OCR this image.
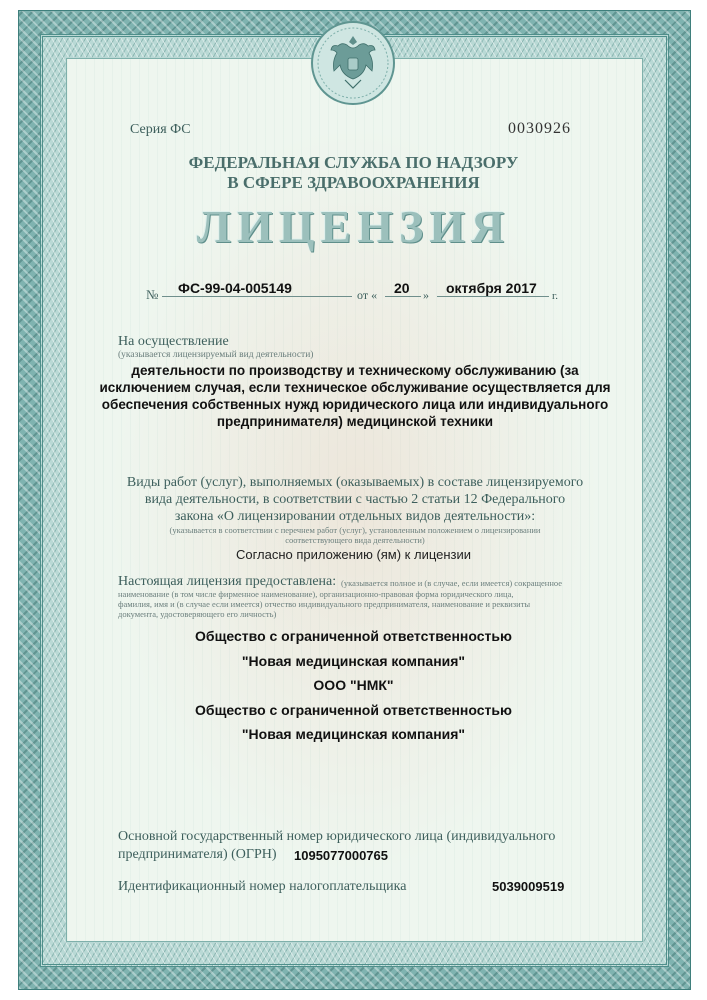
Серия ФС	0030926
ФЕДЕРАЛЬНАЯ СЛУЖБА ПО НАДЗОРУ
В СФЕРЕ ЗДРАВООХРАНЕНИЯ
ЛИЦЕНЗИЯ
№ ФС-99-04-005149	от « 20 » октября 2017 г.
На осуществление
(указывается лицензируемый вид деятельности)
деятельности по производству и техническому обслуживанию (за
исключением случая, если техническое обслуживание осуществляется для
обеспечения собственных нужд юридического лица или индивидуального
предпринимателя) медицинской техники
Виды работ (услуг), выполняемых (оказываемых) в составе лицензируемого
вида деятельности, в соответствии с частью 2 статьи 12 Федерального
закона «О лицензировании отдельных видов деятельности»:
(указывается в соответствии с перечнем работ (услуг), установленным положением о лицензировании
соответствующего вида деятельности)
Согласно приложению (ям) к лицензии
Настоящая лицензия предоставлена: (указывается полное и (в случае, если имеется) сокращенное
наименование (в том числе фирменное наименование), организационно-правовая форма юридического лица,
фамилия, имя и (в случае если имеется) отчество индивидуального предпринимателя, наименование и реквизиты
документа, удостоверяющего его личность)
Общество с ограниченной ответственностью
"Новая медицинская компания"
ООО "НМК"
Общество с ограниченной ответственностью
"Новая медицинская компания"
Основной государственный номер юридического лица (индивидуального
предпринимателя) (ОГРН) 1095077000765
Идентификационный номер налогоплательщика	5039009519
